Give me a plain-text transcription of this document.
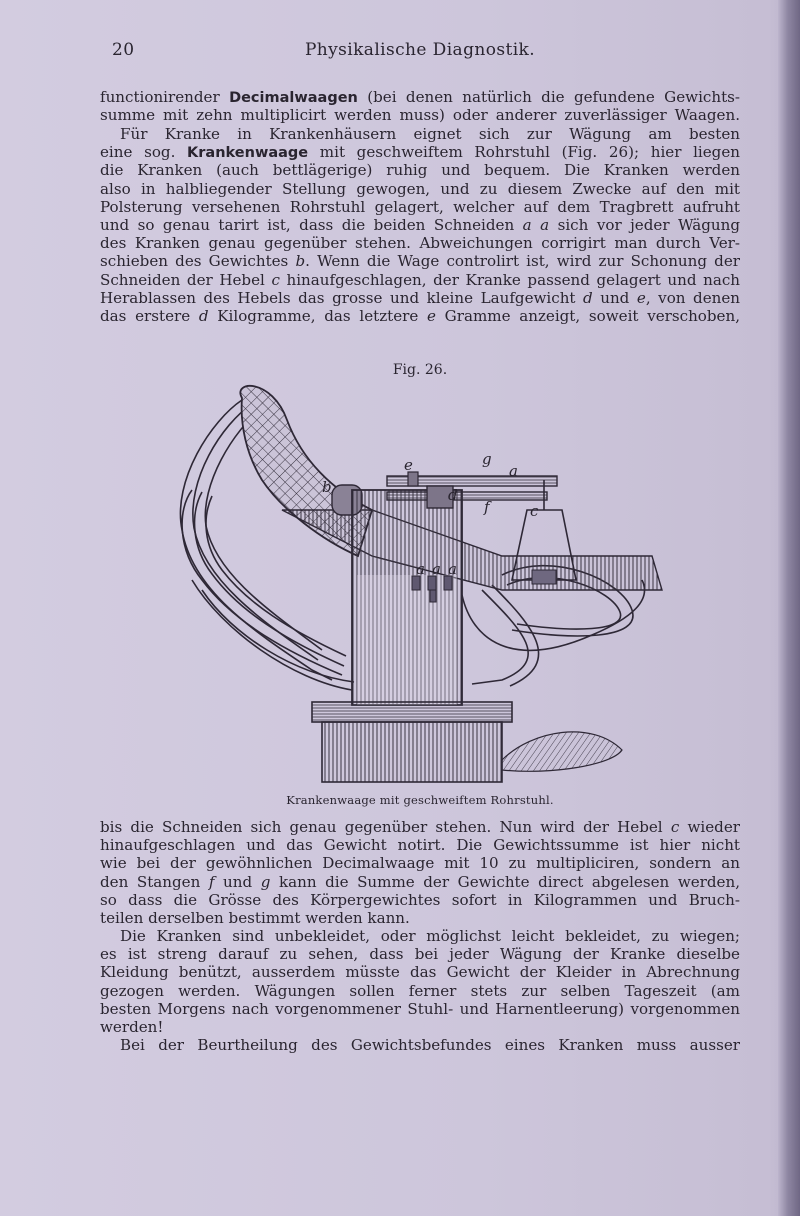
20	Physikalische Diagnostik.
functionirender Decimalwaagen (bei denen natürlich die gefundene Gewichts-
summe mit zehn multiplicirt werden muss) oder anderer zuverlässiger Waagen.
Für Kranke in Krankenhäusern eignet sich zur Wägung am besten
eine sog. Krankenwaage mit geschweiftem Rohrstuhl (Fig. 26); hier liegen
die Kranken (auch bettlägerige) ruhig und bequem. Die Kranken werden
also in halbliegender Stellung gewogen, und zu diesem Zwecke auf den mit
Polsterung versehenen Rohrstuhl gelagert, welcher auf dem Tragbrett aufruht
und so genau tarirt ist, dass die beiden Schneiden a a sich vor jeder Wägung
des Kranken genau gegenüber stehen. Abweichungen corrigirt man durch Ver-
schieben des Gewichtes b. Wenn die Wage controlirt ist, wird zur Schonung der
Schneiden der Hebel c hinaufgeschlagen, der Kranke passend gelagert und nach
Herablassen des Hebels das grosse und kleine Laufgewicht d und e, von denen
das erstere d Kilogramme, das letztere e Gramme anzeigt, soweit verschoben,
Fig. 26.
e	g
a
b	d
f	c
a a a
Krankenwaage mit geschweiftem Rohrstuhl.
bis die Schneiden sich genau gegenüber stehen. Nun wird der Hebel c wieder
hinaufgeschlagen und das Gewicht notirt. Die Gewichtssumme ist hier nicht
wie bei der gewöhnlichen Decimalwaage mit 10 zu multipliciren, sondern an
den Stangen f und g kann die Summe der Gewichte direct abgelesen werden,
so dass die Grösse des Körpergewichtes sofort in Kilogrammen und Bruch-
teilen derselben bestimmt werden kann.
Die Kranken sind unbekleidet, oder möglichst leicht bekleidet, zu wiegen;
es ist streng darauf zu sehen, dass bei jeder Wägung der Kranke dieselbe
Kleidung benützt, ausserdem müsste das Gewicht der Kleider in Abrechnung
gezogen werden. Wägungen sollen ferner stets zur selben Tageszeit (am
besten Morgens nach vorgenommener Stuhl- und Harnentleerung) vorgenommen
werden!
Bei der Beurtheilung des Gewichtsbefundes eines Kranken muss ausser
